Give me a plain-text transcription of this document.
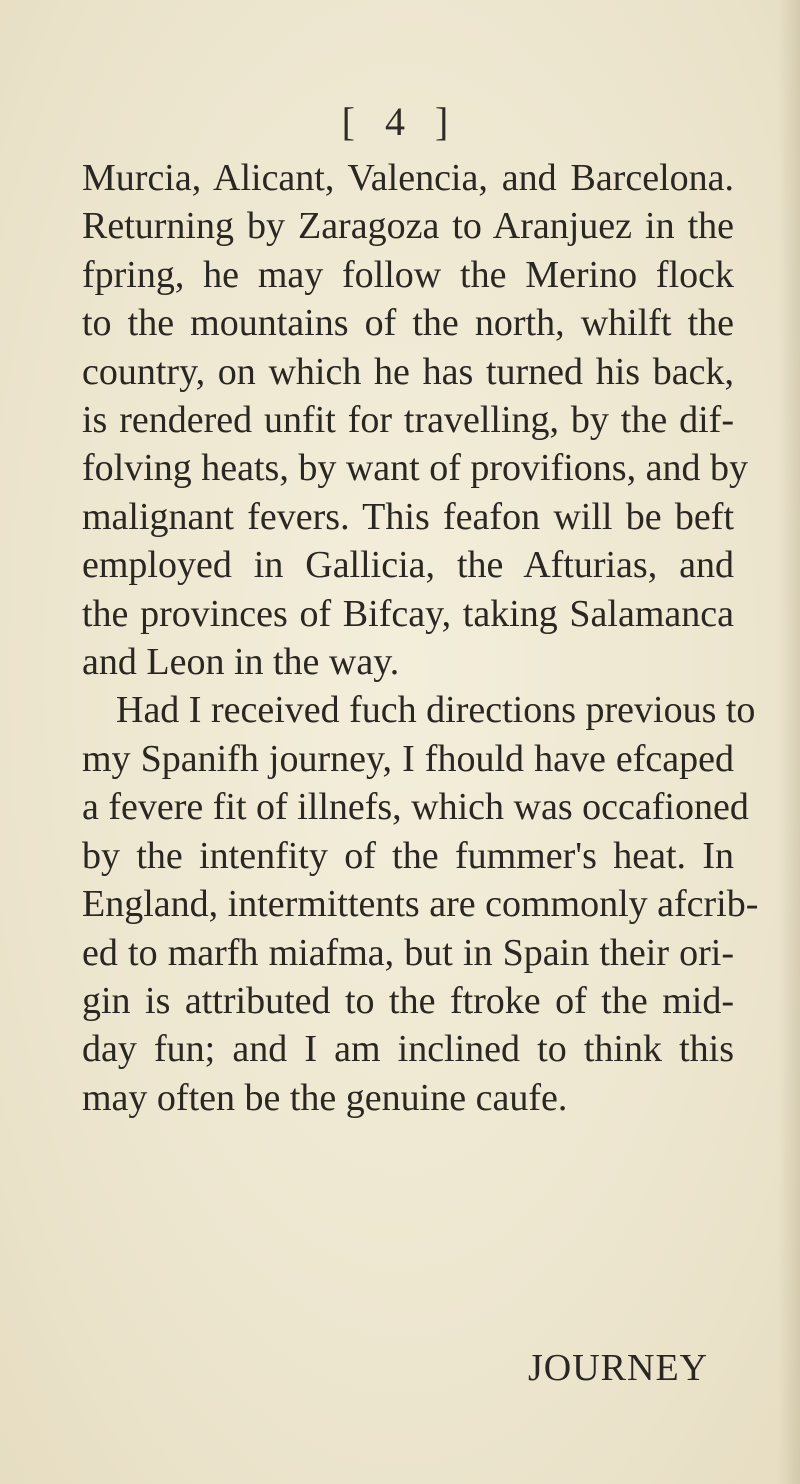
[ 4 ]
Murcia, Alicant, Valencia, and Barcelona.
Returning by Zaragoza to Aranjuez in the
fpring, he may follow the Merino flock
to the mountains of the north, whilft the
country, on which he has turned his back,
is rendered unfit for travelling, by the dif-
folving heats, by want of provifions, and by
malignant fevers. This feafon will be beft
employed in Gallicia, the Afturias, and
the provinces of Bifcay, taking Salamanca
and Leon in the way.
Had I received fuch directions previous to
my Spanifh journey, I fhould have efcaped
a fevere fit of illnefs, which was occafioned
by the intenfity of the fummer's heat. In
England, intermittents are commonly afcrib-
ed to marfh miafma, but in Spain their ori-
gin is attributed to the ftroke of the mid-
day fun; and I am inclined to think this
may often be the genuine caufe.
JOURNEY
